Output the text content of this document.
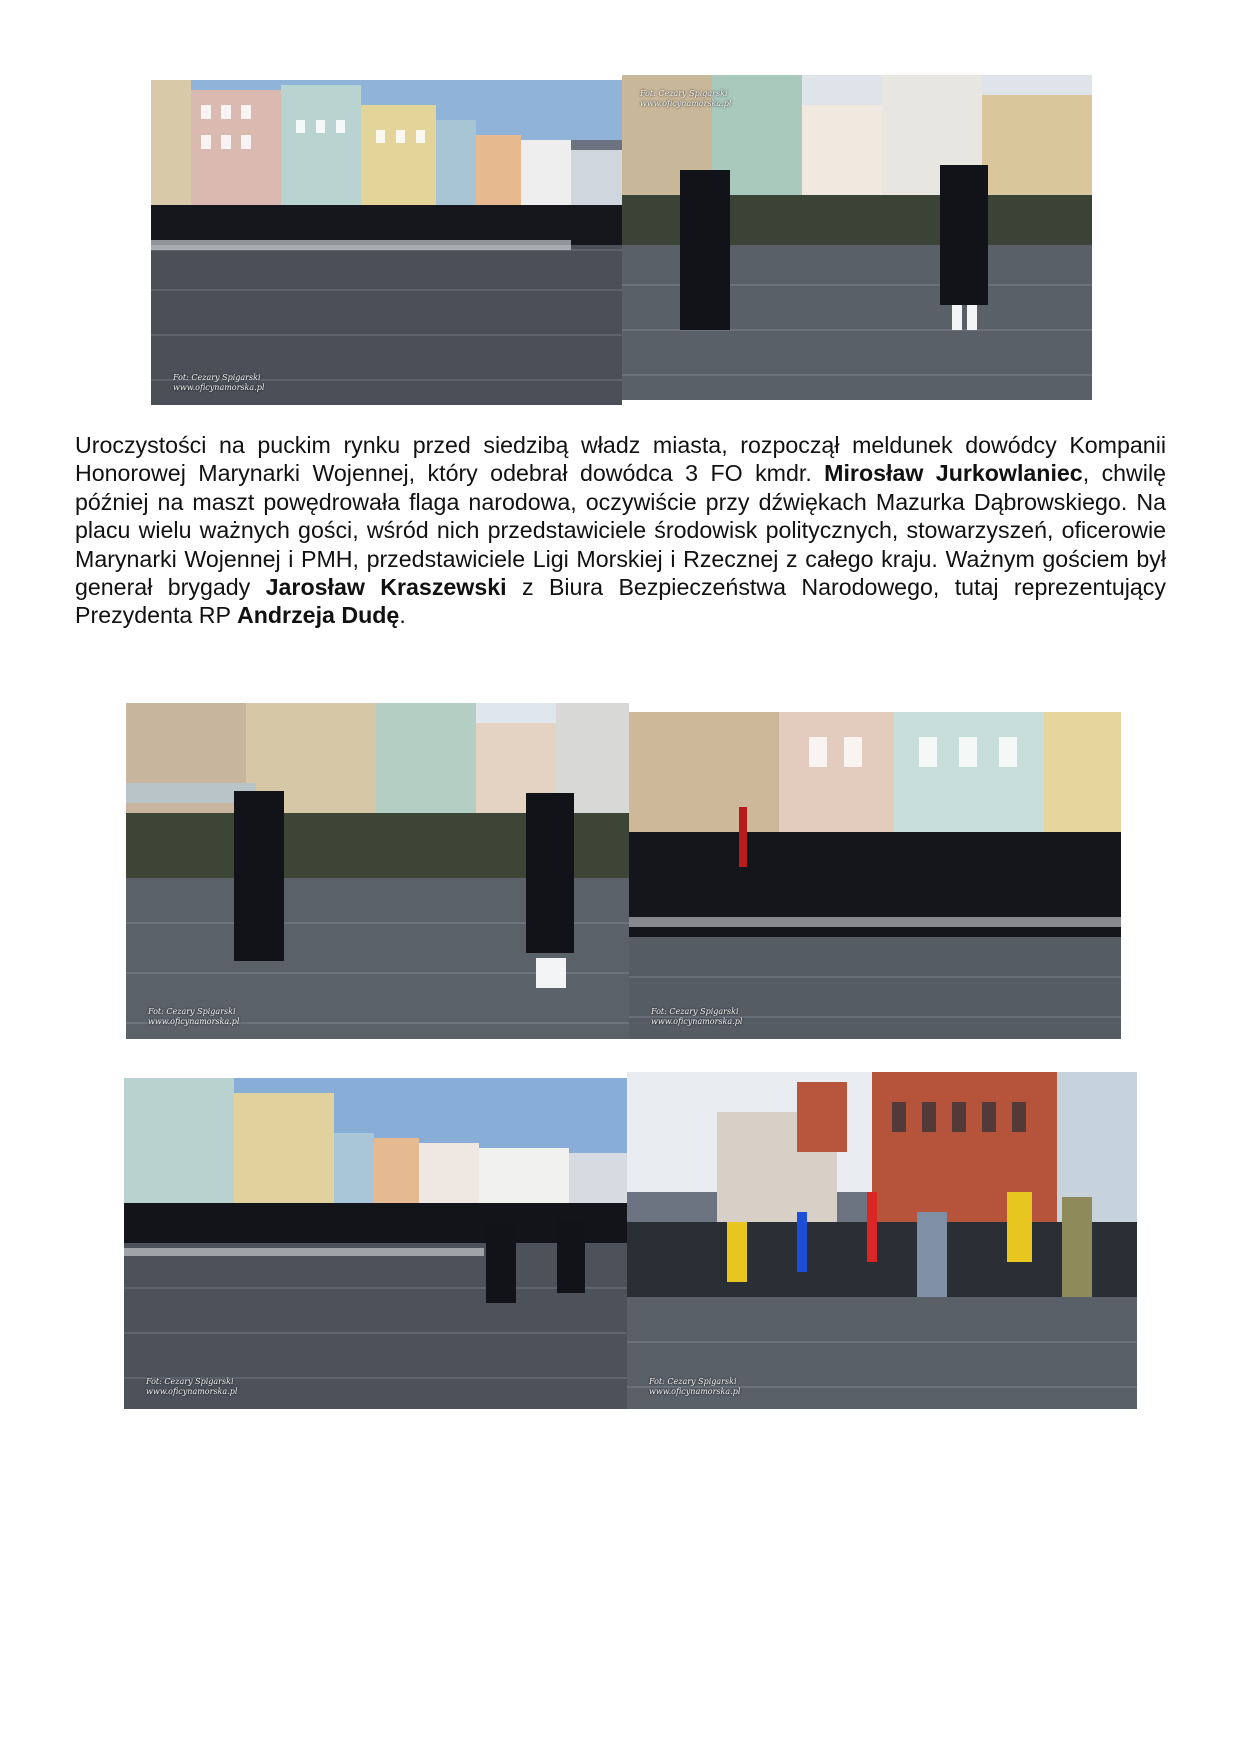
Fot: Cezary Spigarski
www.oficynamorska.pl
Fot: Cezary Spigarski
www.oficynamorska.pl

Uroczystości na puckim rynku przed siedzibą władz miasta, rozpoczął meldunek dowódcy Kompanii Honorowej Marynarki Wojennej, który odebrał dowódca 3 FO kmdr. Mirosław Jurkowlaniec, chwilę później na maszt powędrowała flaga narodowa, oczywiście przy dźwiękach Mazurka Dąbrowskiego. Na placu wielu ważnych gości, wśród nich przedstawiciele środowisk politycznych, stowarzyszeń, oficerowie Marynarki Wojennej i PMH, przedstawiciele Ligi Morskiej i Rzecznej z całego kraju. Ważnym gościem był generał brygady Jarosław Kraszewski z Biura Bezpieczeństwa Narodowego, tutaj reprezentujący Prezydenta RP Andrzeja Dudę.

Fot: Cezary Spigarski
www.oficynamorska.pl
Fot: Cezary Spigarski
www.oficynamorska.pl
Fot: Cezary Spigarski
www.oficynamorska.pl
Fot: Cezary Spigarski
www.oficynamorska.pl
